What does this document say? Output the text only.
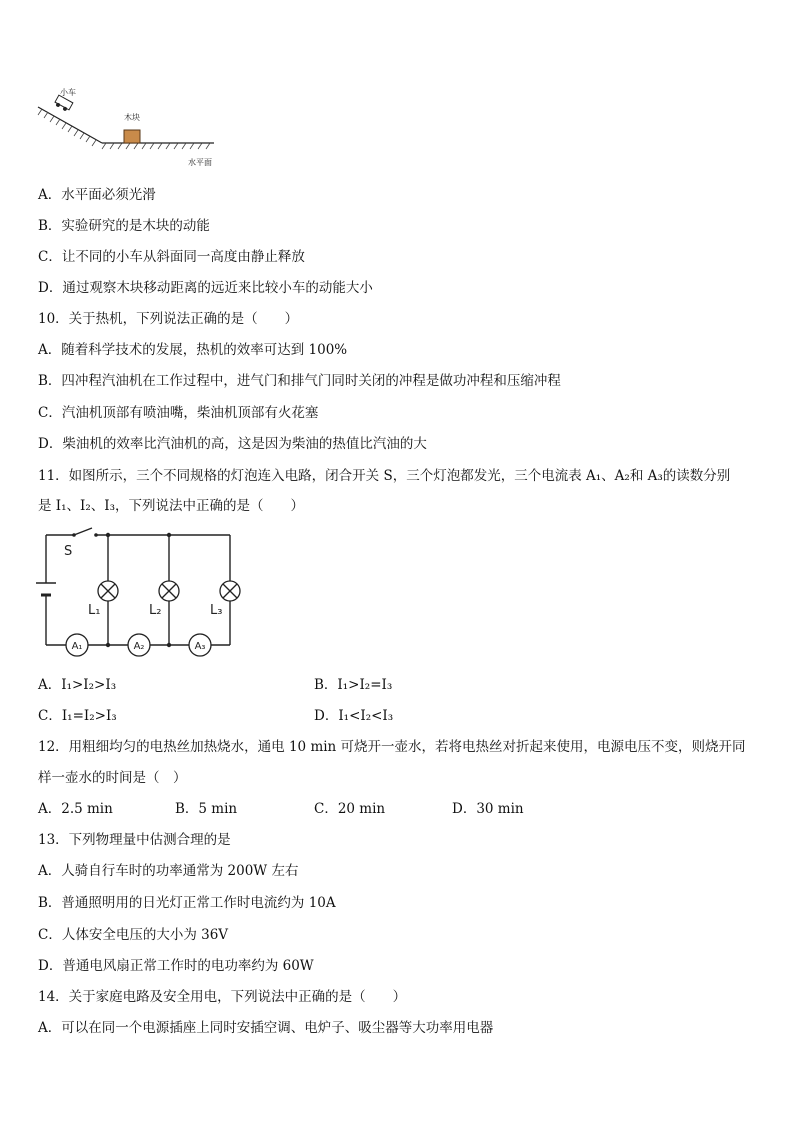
小车
木块
水平面
A．水平面必须光滑
B．实验研究的是木块的动能
C．让不同的小车从斜面同一高度由静止释放
D．通过观察木块移动距离的远近来比较小车的动能大小
10．关于热机，下列说法正确的是（　　）
A．随着科学技术的发展，热机的效率可达到 100%
B．四冲程汽油机在工作过程中，进气门和排气门同时关闭的冲程是做功冲程和压缩冲程
C．汽油机顶部有喷油嘴，柴油机顶部有火花塞
D．柴油机的效率比汽油机的高，这是因为柴油的热值比汽油的大
11．如图所示，三个不同规格的灯泡连入电路，闭合开关 S，三个灯泡都发光，三个电流表 A₁、A₂和 A₃的读数分别
是 I₁、I₂、I₃，下列说法中正确的是（　　）
A₁	A₂	A₃
S
L₁	L₂	L₃
A．I₁>I₂>I₃	B．I₁>I₂=I₃
C．I₁=I₂>I₃	D．I₁<I₂<I₃
12．用粗细均匀的电热丝加热烧水，通电 10 min 可烧开一壶水，若将电热丝对折起来使用，电源电压不变，则烧开同
样一壶水的时间是（　）
A．2.5 min	B．5 min	C．20 min	D．30 min
13．下列物理量中估测合理的是
A．人骑自行车时的功率通常为 200W 左右
B．普通照明用的日光灯正常工作时电流约为 10A
C．人体安全电压的大小为 36V
D．普通电风扇正常工作时的电功率约为 60W
14．关于家庭电路及安全用电，下列说法中正确的是（　　）
A．可以在同一个电源插座上同时安插空调、电炉子、吸尘器等大功率用电器
